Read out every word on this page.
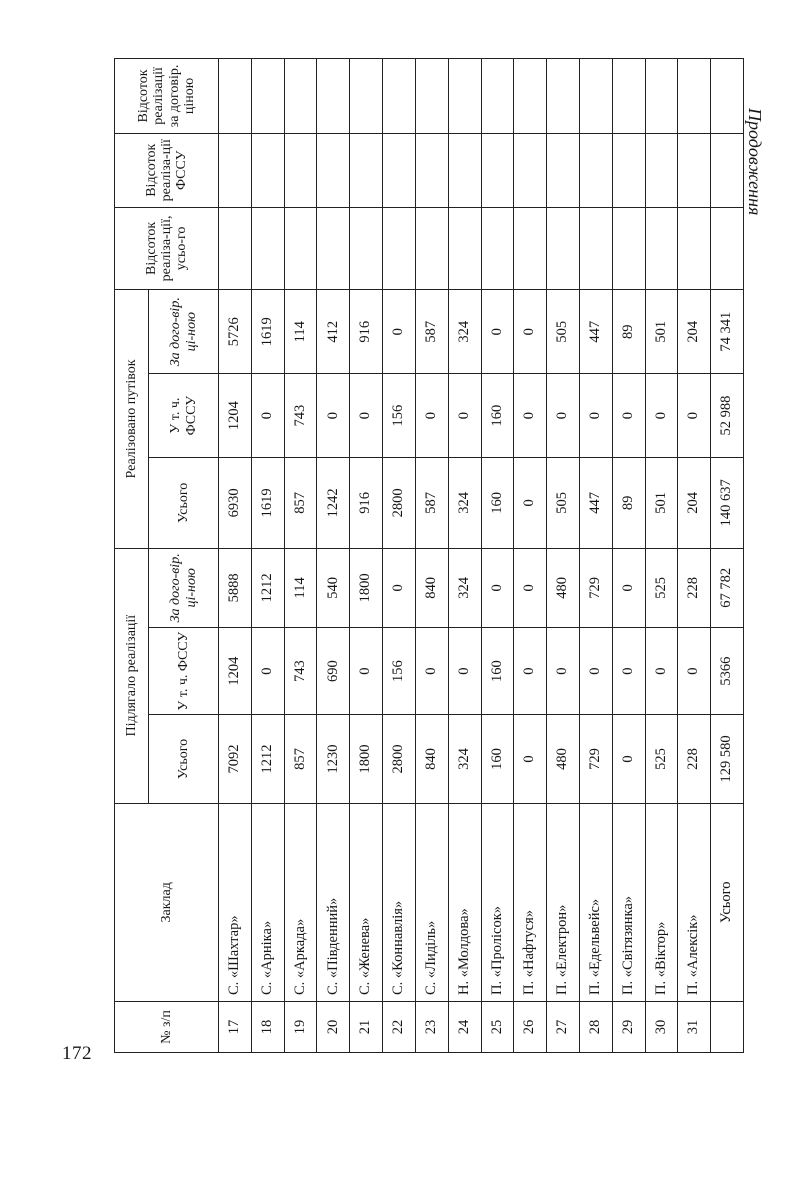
172
Продовження
№ з/п	Заклад	Підлягало реалізації			Реалізовано путівок			Відсоток реаліза-ції, усьо-го	Відсоток реаліза-ції ФССУ	Відсоток реалізації за договір. ціною
		Усього	У т. ч. ФССУ	За дого-вір. ці-ною	Усього	У т. ч. ФССУ	За дого-вір. ці-ною			
17	С. «Шахтар»	7092	1204	5888	6930	1204	5726			
18	С. «Арніка»	1212	0	1212	1619	0	1619			
19	С. «Аркада»	857	743	114	857	743	114			
20	С. «Південний»	1230	690	540	1242	0	412			
21	С. «Женева»	1800	0	1800	916	0	916			
22	С. «Коннавлія»	2800	156	0	2800	156	0			
23	С. «Лиділь»	840	0	840	587	0	587			
24	Н. «Молдова»	324	0	324	324	0	324			
25	П. «Пролісок»	160	160	0	160	160	0			
26	П. «Нафтуся»	0	0	0	0	0	0			
27	П. «Електрон»	480	0	480	505	0	505			
28	П. «Едельвейс»	729	0	729	447	0	447			
29	П. «Світязянка»	0	0	0	89	0	89			
30	П. «Віктор»	525	0	525	501	0	501			
31	П. «Алексік»	228	0	228	204	0	204			
	Усього	129 580	5366	67 782	140 637	52 988	74 341			
